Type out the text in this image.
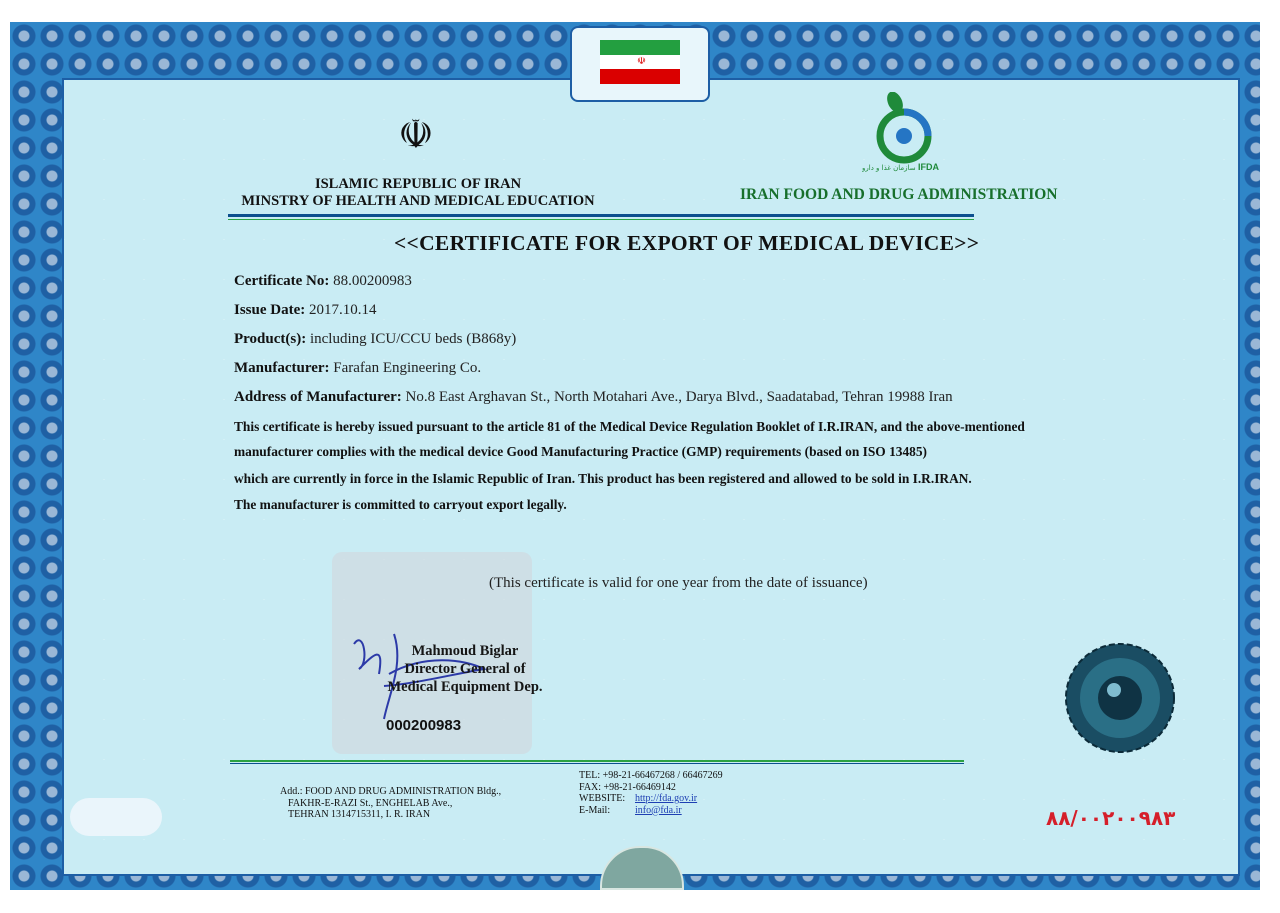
☫
☫
ISLAMIC REPUBLIC OF IRAN
MINSTRY OF HEALTH AND MEDICAL EDUCATION
IFDA
سازمان غذا و دارو
IRAN FOOD AND DRUG ADMINISTRATION
<<CERTIFICATE FOR EXPORT OF MEDICAL DEVICE>>
Certificate No: 88.00200983
Issue Date: 2017.10.14
Product(s): including ICU/CCU beds (B868y)
Manufacturer: Farafan Engineering Co.
Address of Manufacturer: No.8 East Arghavan St., North Motahari Ave., Darya Blvd., Saadatabad, Tehran 19988 Iran
This certificate is hereby issued pursuant to the article 81 of the Medical Device Regulation Booklet of I.R.IRAN, and the above-mentioned
manufacturer complies with the medical device Good Manufacturing Practice (GMP) requirements (based on ISO 13485)
which are currently in force in the Islamic Republic of Iran. This product has been registered and allowed to be sold in I.R.IRAN.
The manufacturer is committed to carryout export legally.
(This certificate is valid for one year from the date of issuance)
Mahmoud Biglar
Director General of
Medical Equipment Dep.
000200983
Add.: FOOD AND DRUG ADMINISTRATION Bldg.,
FAKHR-E-RAZI St., ENGHELAB Ave.,
TEHRAN 1314715311, I. R. IRAN
TEL: +98-21-66467268 / 66467269
FAX: +98-21-66469142
WEBSITE: http://fda.gov.ir
E-Mail: info@fda.ir	۸۸/۰۰۲۰۰۹۸۳
